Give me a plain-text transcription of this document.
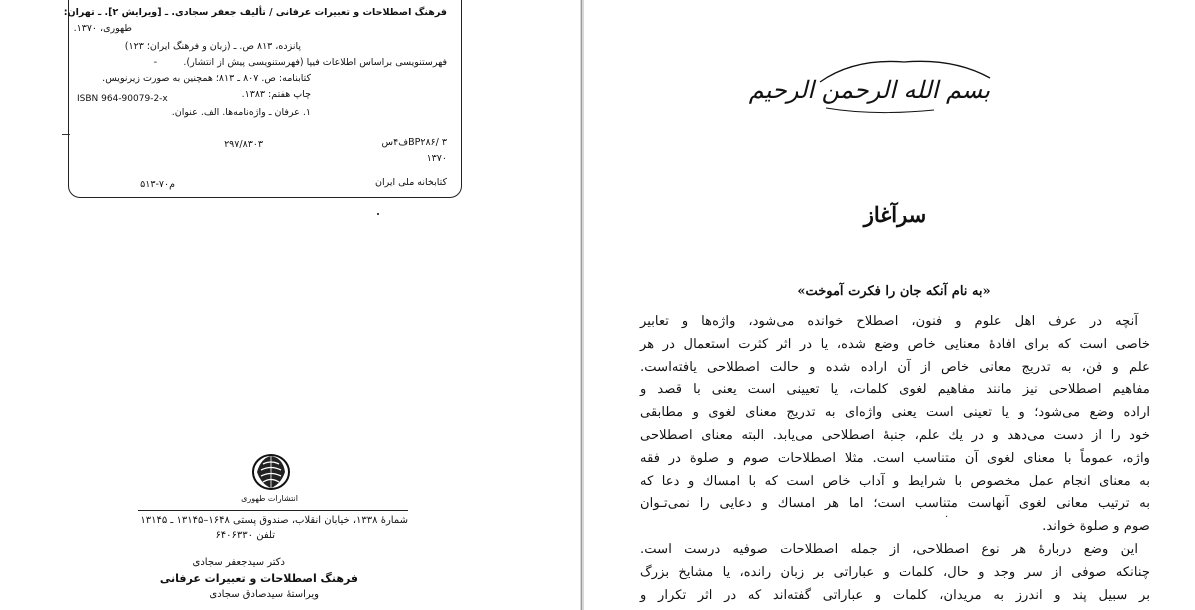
فرهنگ اصطلاحات و تعبیرات عرفانی / تألیف جعفر سجادی. ـ [ویرایش ۲]. ـ تهران:
طهوری، ۱۳۷۰.
پانزده، ۸۱۳ ص. ـ (زبان و فرهنگ ایران؛ ۱۲۳)
فهرستنویسی براساس اطلاعات فیپا (فهرستنویسی پیش از انتشار).
-
کتابنامه: ص. ۸۰۷ ـ ۸۱۳؛ همچنین به صورت زیرنویس.
چاپ هفتم: ۱۳۸۳.
ISBN 964-90079-2-x
۱. عرفان ـ واژه‌نامه‌ها. الف. عنوان.
BP۲۸۶/ ۳ف۴س
۲۹۷/۸۳۰۳
۱۳۷۰
کتابخانه ملی ایران
م۷۰-۵۱۳
انتشارات طهوری
شمارهٔ ۱۳۳۸، خیابان انقلاب، صندوق پستی ۱۶۴۸–۱۳۱۴۵ ـ ۱۳۱۴۵
تلفن ۶۴۰۶۳۳۰
دکتر سیدجعفر سجادی
فرهنگ اصطلاحات و تعبیرات عرفانی
ویراستهٔ سیدصادق سجادی
بسم الله الرحمن الرحیم
سرآغاز
«به نام آنکه جان را فکرت آموخت»
آنچه در عرف اهل علوم و فنون، اصطلاح خوانده می‌شود، واژه‌ها و تعابیر
خاصی است که برای افادهٔ معنایی خاص وضع شده، یا در اثر کثرت استعمال در هر
علم و فن، به تدریج معانی خاص از آن اراده شده و حالت اصطلاحی یافته‌است.
مفاهیم اصطلاحی نیز مانند مفاهیم لغوی کلمات، یا تعیینی است یعنی با قصد و
اراده وضع می‌شود؛ و یا تعینی است یعنی واژه‌ای به تدریج معنای لغوی و مطابقی
خود را از دست می‌دهد و در یك علم، جنبهٔ اصطلاحی می‌یابد. البته معنای اصطلاحی
واژه، عموماً با معنای لغوی آن متناسب است. مثلا اصطلاحات صوم و صلوة در فقه
به معنای انجام عمل مخصوص با شرایط و آداب خاص است که با امساك و دعا که
به ترتیب معانی لغوی آنهاست متناسب است؛ اما هر امساك و دعایی را نمی‌تـوان
صوم و صلوة خواند.
این وضع دربارهٔ هر نوع اصطلاحی، از جمله اصطلاحات صوفیه درست است.
چنانکه صوفی از سر وجد و حال، کلمات و عباراتی بر زبان رانده، یا مشایخ بزرگ
بر سبیل پند و اندرز به مریدان، کلمات و عباراتی گفته‌اند که در اثر تکرار و
·
